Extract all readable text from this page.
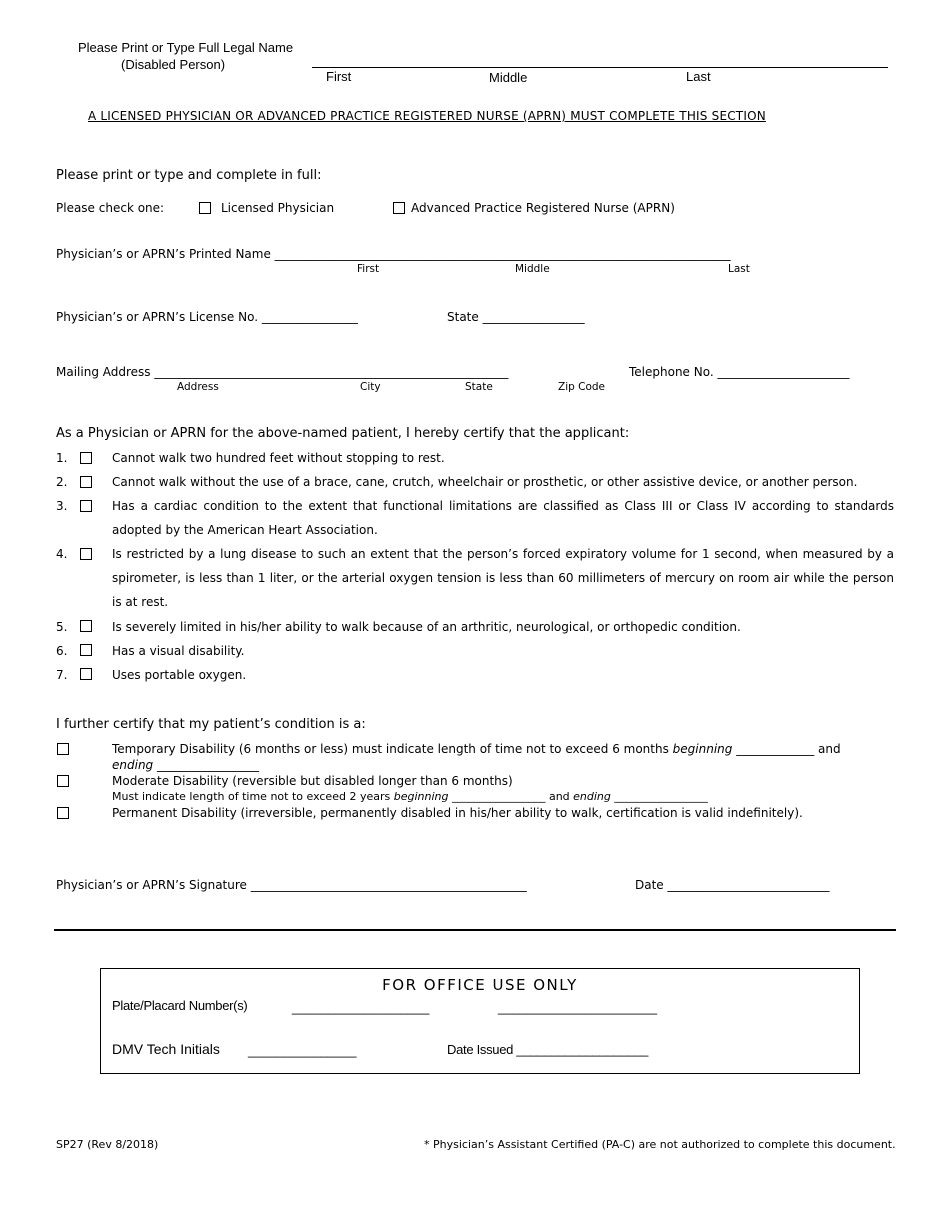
Please Print or Type Full Legal Name
(Disabled Person)
First	Middle	Last
A LICENSED PHYSICIAN OR ADVANCED PRACTICE REGISTERED NURSE (APRN) MUST COMPLETE THIS SECTION
Please print or type and complete in full:
Please check one:	Licensed Physician	Advanced Practice Registered Nurse (APRN)
Physician’s or APRN’s Printed Name ____________________________________________________________________________
First	Middle	Last
Physician’s or APRN’s License No. ________________	State _________________
Mailing Address ___________________________________________________________	Telephone No. ______________________
Address	City	State	Zip Code
As a Physician or APRN for the above-named patient, I hereby certify that the applicant:
1.	Cannot walk two hundred feet without stopping to rest.
2.	Cannot walk without the use of a brace, cane, crutch, wheelchair or prosthetic, or other assistive device, or another person.
3.	Has a cardiac condition to the extent that functional limitations are classified as Class III or Class IV according to standards adopted by the American Heart Association.
4.	Is restricted by a lung disease to such an extent that the person’s forced expiratory volume for 1 second, when measured by a spirometer, is less than 1 liter, or the arterial oxygen tension is less than 60 millimeters of mercury on room air while the person is at rest.
5.	Is severely limited in his/her ability to walk because of an arthritic, neurological, or orthopedic condition.
6.	Has a visual disability.
7.	Uses portable oxygen.
I further certify that my patient’s condition is a:
Temporary Disability (6 months or less) must indicate length of time not to exceed 6 months beginning _____________ and
ending _________________
Moderate Disability (reversible but disabled longer than 6 months)
Must indicate length of time not to exceed 2 years beginning _________________ and ending _________________
Permanent Disability (irreversible, permanently disabled in his/her ability to walk, certification is valid indefinitely).
Physician’s or APRN’s Signature ______________________________________________	Date ___________________________
FOR OFFICE USE ONLY
Plate/Placard Number(s)	___________________	______________________
DMV Tech Initials _______________	Date Issued ___________________
SP27 (Rev 8/2018)	* Physician’s Assistant Certified (PA-C) are not authorized to complete this document.
